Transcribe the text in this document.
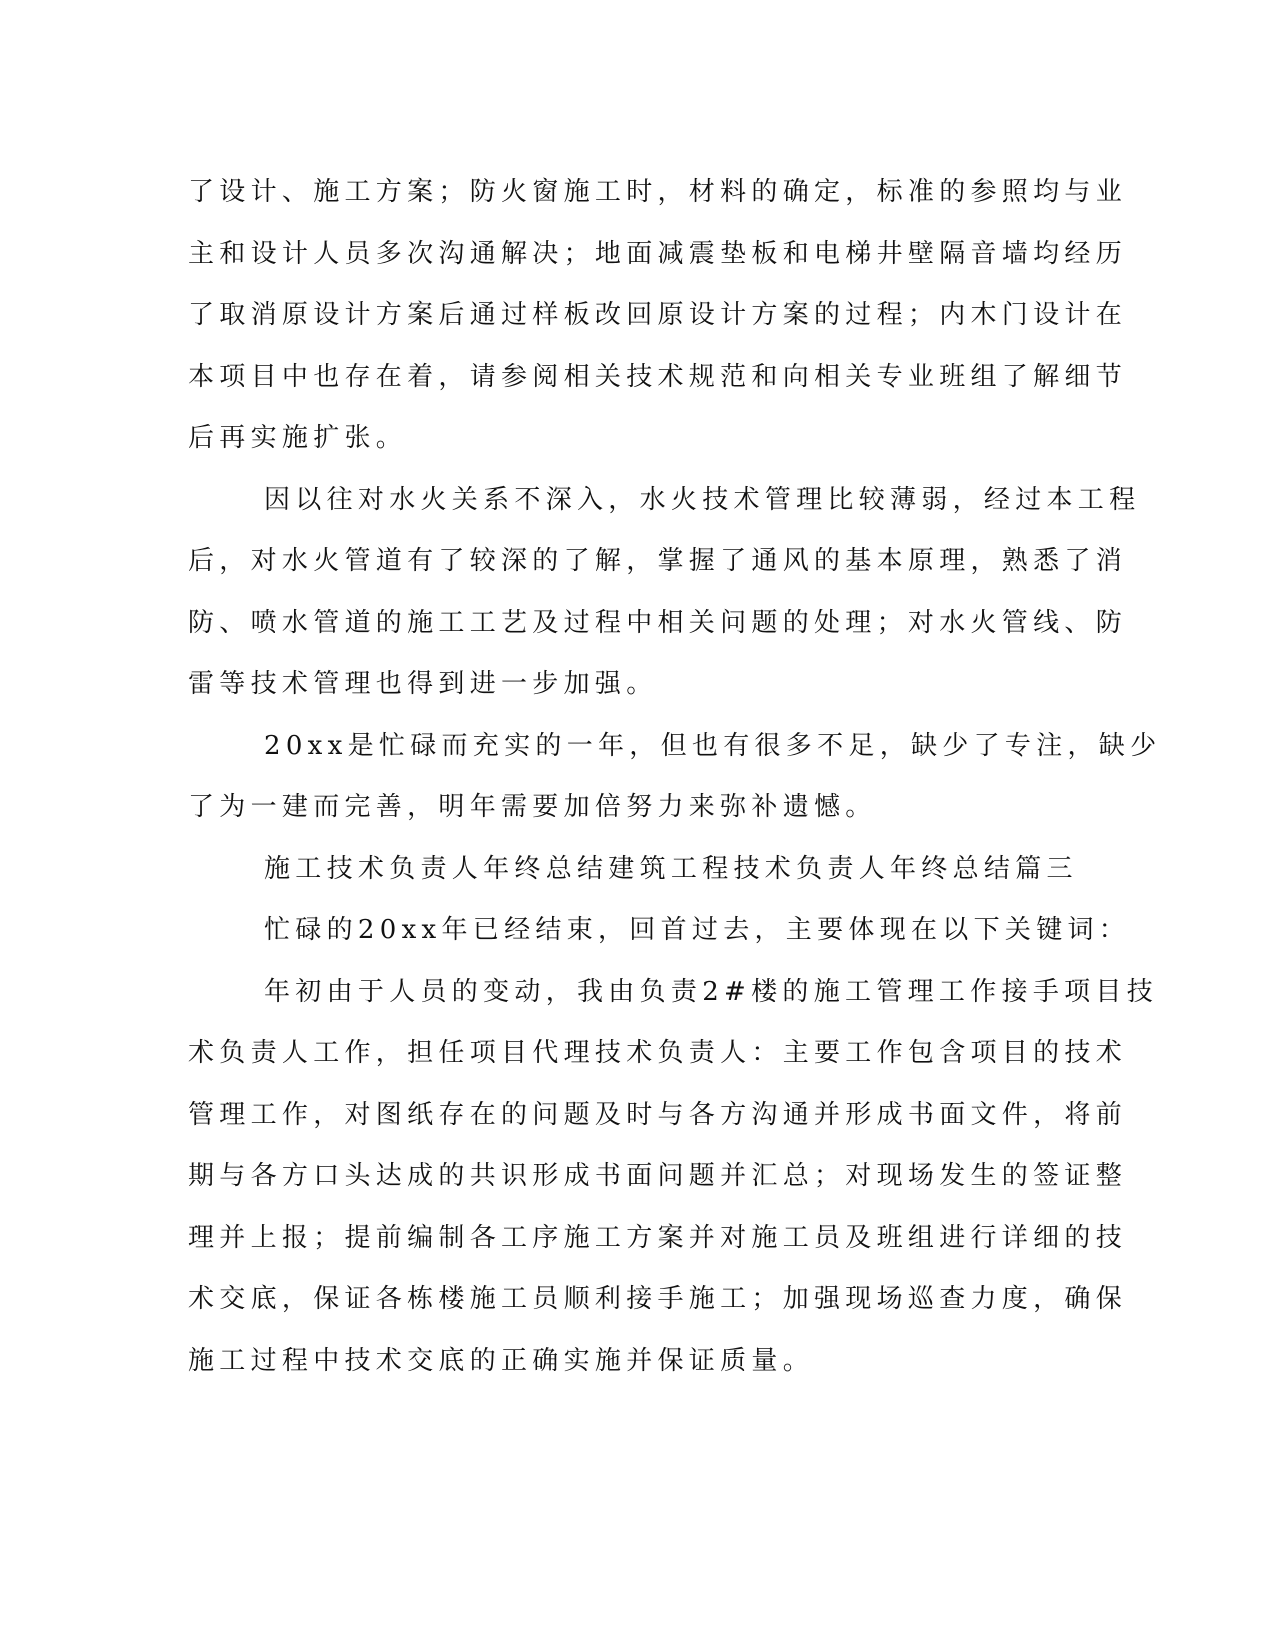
了设计、施工方案；防火窗施工时，材料的确定，标准的参照均与业
主和设计人员多次沟通解决；地面减震垫板和电梯井壁隔音墙均经历
了取消原设计方案后通过样板改回原设计方案的过程；内木门设计在
本项目中也存在着，请参阅相关技术规范和向相关专业班组了解细节
后再实施扩张。
因以往对水火关系不深入，水火技术管理比较薄弱，经过本工程
后，对水火管道有了较深的了解，掌握了通风的基本原理，熟悉了消
防、喷水管道的施工工艺及过程中相关问题的处理；对水火管线、防
雷等技术管理也得到进一步加强。
20xx是忙碌而充实的一年，但也有很多不足，缺少了专注，缺少
了为一建而完善，明年需要加倍努力来弥补遗憾。
施工技术负责人年终总结建筑工程技术负责人年终总结篇三
忙碌的20xx年已经结束，回首过去，主要体现在以下关键词：
年初由于人员的变动，我由负责2#楼的施工管理工作接手项目技
术负责人工作，担任项目代理技术负责人：主要工作包含项目的技术
管理工作，对图纸存在的问题及时与各方沟通并形成书面文件，将前
期与各方口头达成的共识形成书面问题并汇总；对现场发生的签证整
理并上报；提前编制各工序施工方案并对施工员及班组进行详细的技
术交底，保证各栋楼施工员顺利接手施工；加强现场巡查力度，确保
施工过程中技术交底的正确实施并保证质量。
